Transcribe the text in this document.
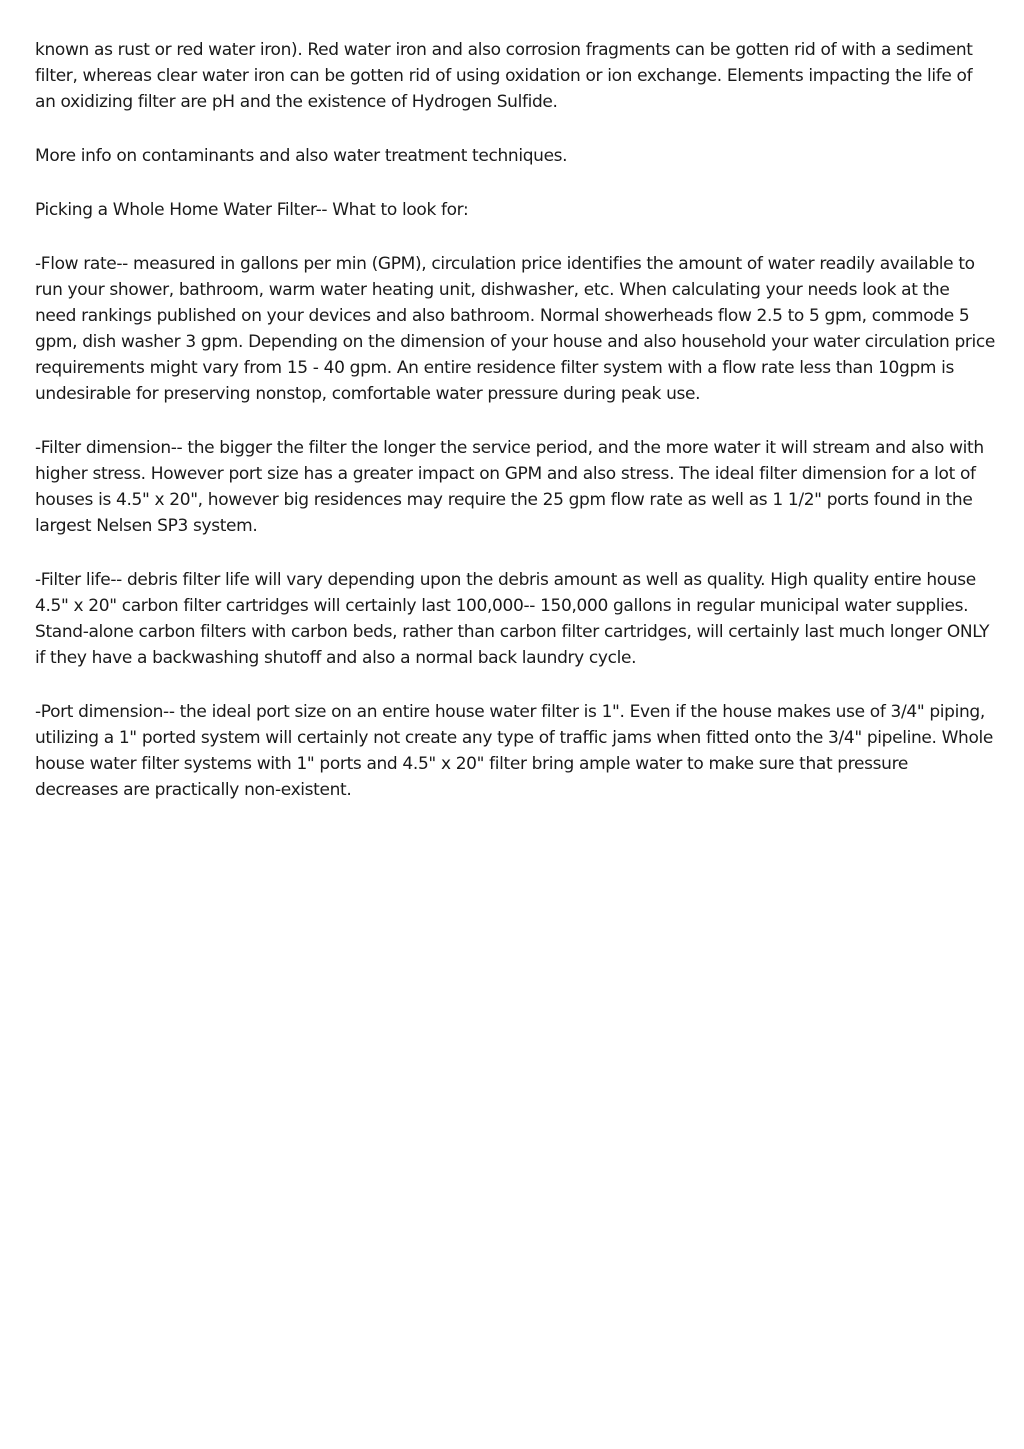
known as rust or red water iron). Red water iron and also corrosion fragments can be gotten rid of with a sediment filter, whereas clear water iron can be gotten rid of using oxidation or ion exchange. Elements impacting the life of an oxidizing filter are pH and the existence of Hydrogen Sulfide.

More info on contaminants and also water treatment techniques.

Picking a Whole Home Water Filter-- What to look for:

-Flow rate-- measured in gallons per min (GPM), circulation price identifies the amount of water readily available to run your shower, bathroom, warm water heating unit, dishwasher, etc. When calculating your needs look at the need rankings published on your devices and also bathroom. Normal showerheads flow 2.5 to 5 gpm, commode 5 gpm, dish washer 3 gpm. Depending on the dimension of your house and also household your water circulation price requirements might vary from 15 - 40 gpm. An entire residence filter system with a flow rate less than 10gpm is undesirable for preserving nonstop, comfortable water pressure during peak use.

-Filter dimension-- the bigger the filter the longer the service period, and the more water it will stream and also with higher stress. However port size has a greater impact on GPM and also stress. The ideal filter dimension for a lot of houses is 4.5" x 20", however big residences may require the 25 gpm flow rate as well as 1 1/2" ports found in the largest Nelsen SP3 system.

-Filter life-- debris filter life will vary depending upon the debris amount as well as quality. High quality entire house 4.5" x 20" carbon filter cartridges will certainly last 100,000-- 150,000 gallons in regular municipal water supplies. Stand-alone carbon filters with carbon beds, rather than carbon filter cartridges, will certainly last much longer ONLY if they have a backwashing shutoff and also a normal back laundry cycle.

-Port dimension-- the ideal port size on an entire house water filter is 1". Even if the house makes use of 3/4" piping, utilizing a 1" ported system will certainly not create any type of traffic jams when fitted onto the 3/4" pipeline. Whole house water filter systems with 1" ports and 4.5" x 20" filter bring ample water to make sure that pressure decreases are practically non-existent.
